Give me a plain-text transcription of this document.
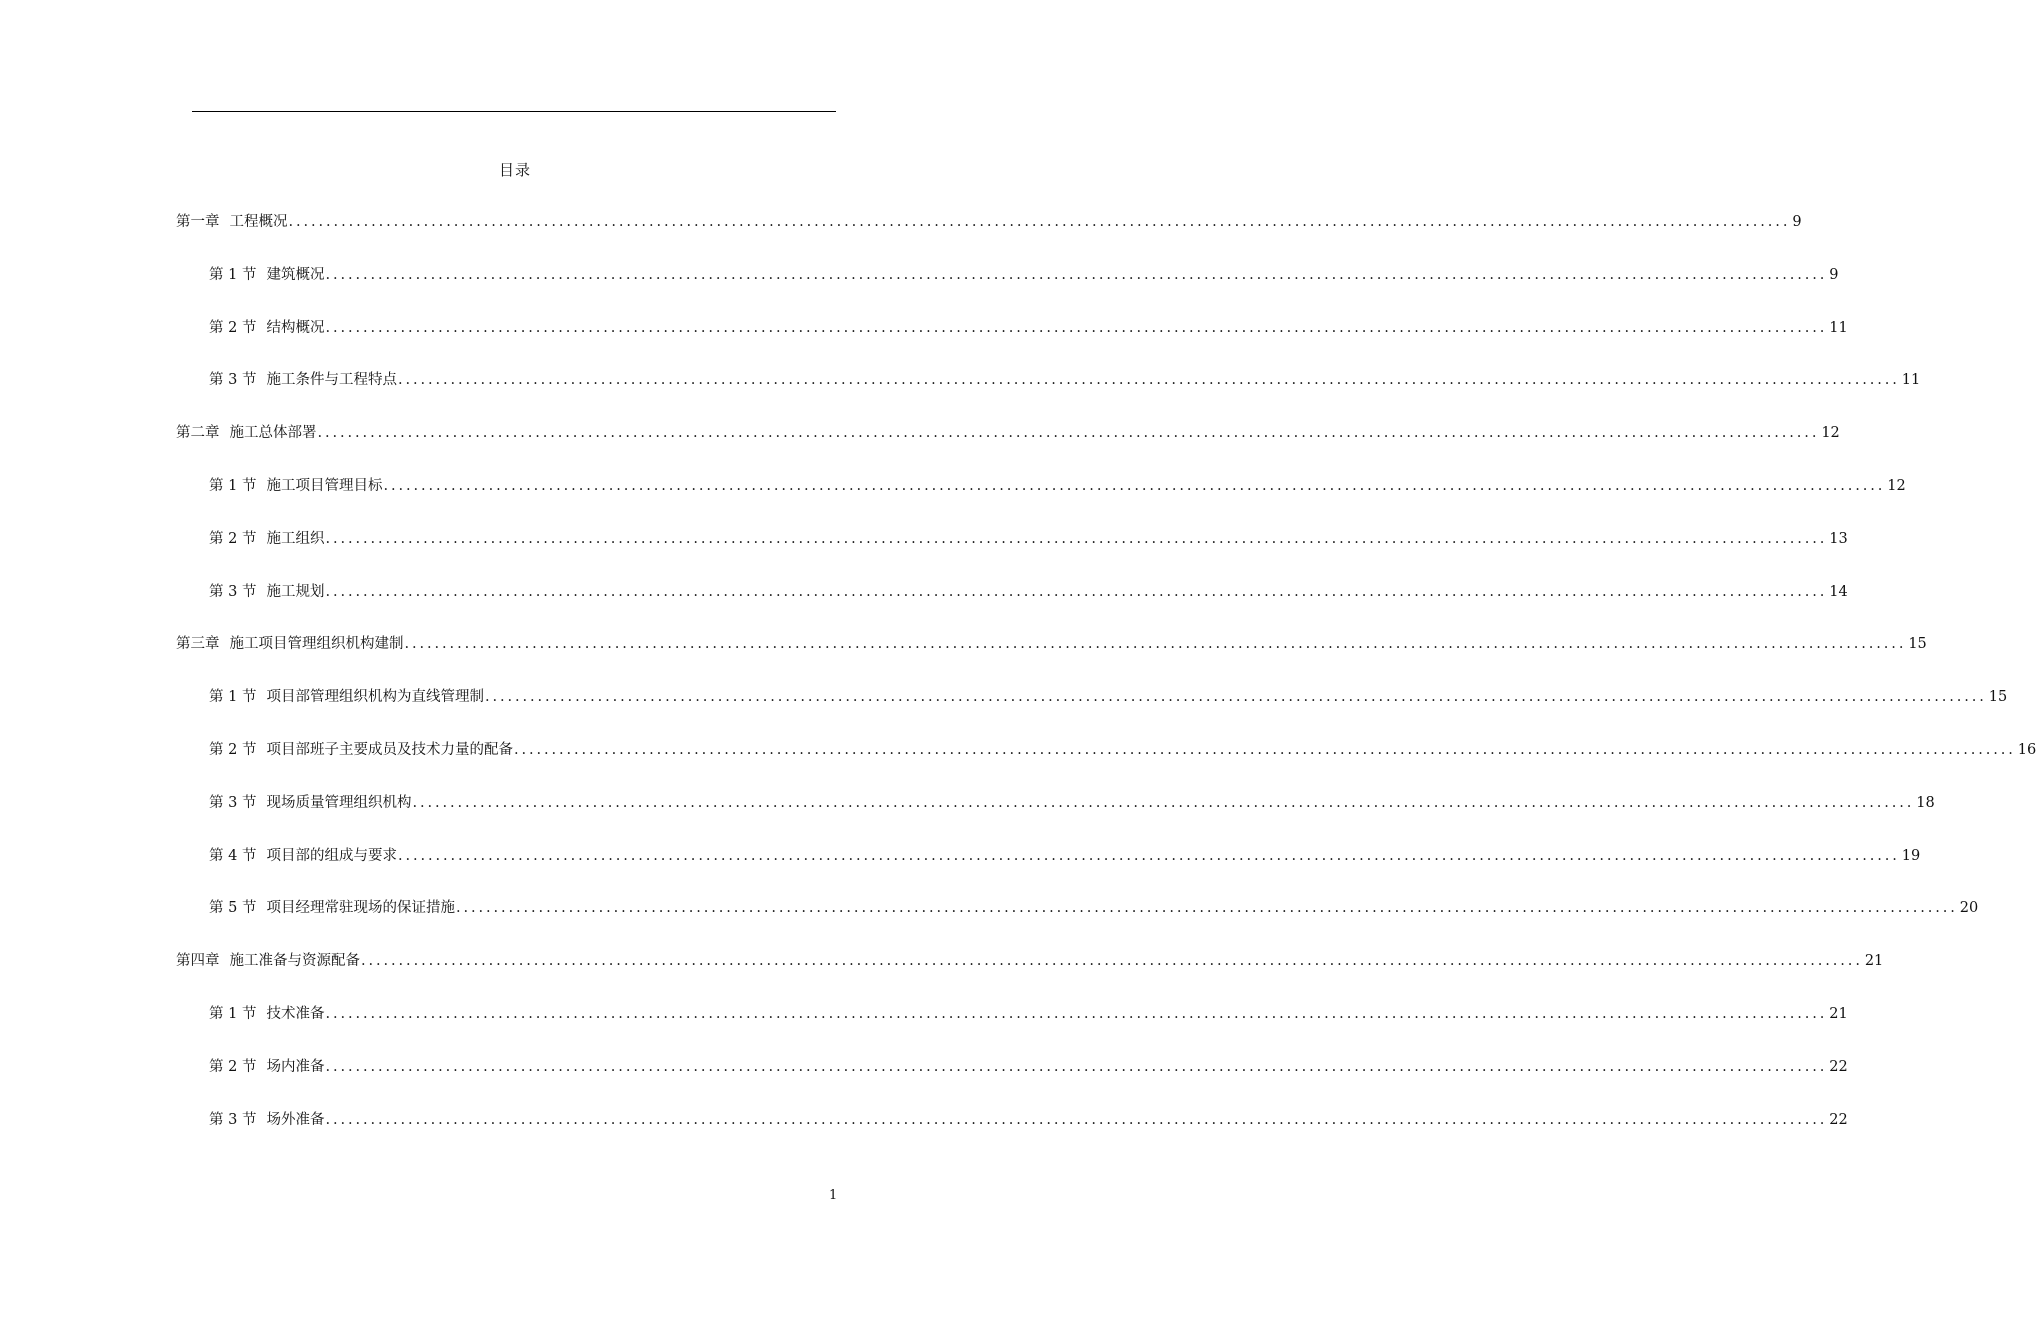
目录
第一章 工程概况 ........................................................................................................................................................................................................ 9
第 1 节 建筑概况 ........................................................................................................................................................................................................ 9
第 2 节 结构概况 ........................................................................................................................................................................................................ 11
第 3 节 施工条件与工程特点 ........................................................................................................................................................................................................ 11
第二章 施工总体部署 ........................................................................................................................................................................................................ 12
第 1 节 施工项目管理目标 ........................................................................................................................................................................................................ 12
第 2 节 施工组织 ........................................................................................................................................................................................................ 13
第 3 节 施工规划 ........................................................................................................................................................................................................ 14
第三章 施工项目管理组织机构建制 ........................................................................................................................................................................................................ 15
第 1 节 项目部管理组织机构为直线管理制 ........................................................................................................................................................................................................ 15
第 2 节 项目部班子主要成员及技术力量的配备 ........................................................................................................................................................................................................ 16
第 3 节 现场质量管理组织机构 ........................................................................................................................................................................................................ 18
第 4 节 项目部的组成与要求 ........................................................................................................................................................................................................ 19
第 5 节 项目经理常驻现场的保证措施 ........................................................................................................................................................................................................ 20
第四章 施工准备与资源配备 ........................................................................................................................................................................................................ 21
第 1 节 技术准备 ........................................................................................................................................................................................................ 21
第 2 节 场内准备 ........................................................................................................................................................................................................ 22
第 3 节 场外准备 ........................................................................................................................................................................................................ 22
1
